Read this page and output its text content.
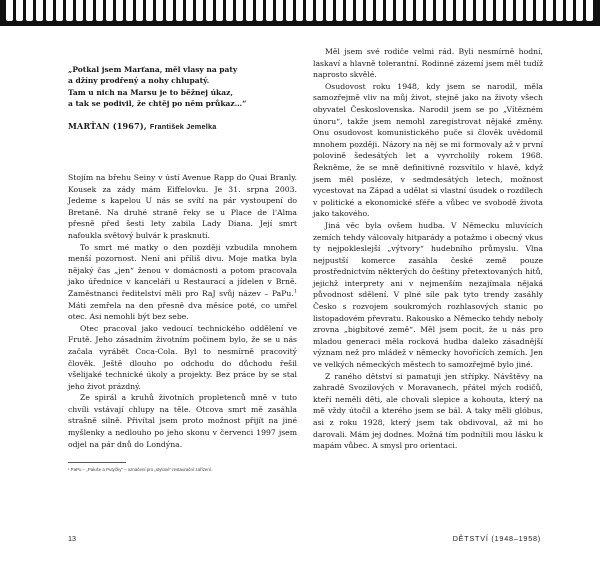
„Potkal jsem Marťana, měl vlasy na paty

a džíny prodřený a nohy chlupatý.

Tam u nich na Marsu je to běžnej úkaz,

a tak se podivil, že chtěj po něm průkaz…“

MARŤAN (1967), František Jemelka

Stojím na břehu Seiny v ústí Avenue Rapp do Quai Branly. Kousek za zády mám Eiffelovku. Je 31. srpna 2003. Jedeme s kapelou U nás se svítí na pár vystoupení do Bretaně. Na druhé straně řeky se u Place de l'Alma přesně před šesti lety zabila Lady Diana. Její smrt nafoukla světový bulvár k prasknutí.

To smrt mé matky o den později vzbudila mnohem menší pozornost. Není ani příliš divu. Moje matka byla nějaký čas „jen“ ženou v domácnosti a potom pracovala jako úřednice v kanceláři u Restaurací a jídelen v Brně. Zaměstnanci ředitelství měli pro RaJ svůj název – PaPu.$^1$ Máti zemřela na den přesně dva měsíce poté, co umřel otec. Asi nemohli být bez sebe.

Otec pracoval jako vedoucí technického oddělení ve Frutě. Jeho zásadním životním počinem bylo, že se u nás začala vyrábět Coca-Cola. Byl to nesmírně pracovitý člověk. Ještě dlouho po odchodu do důchodu řešil všelijaké technické úkoly a projekty. Bez práce by se stal jeho život prázdný.

Ze spirál a kruhů životních propletenců mně v tuto chvíli vstávají chlupy na těle. Otcova smrt mě zasáhla strašně silně. Přivítal jsem proto možnost přijít na jiné myšlenky a nedlouho po jeho skonu v červenci 1997 jsem odjel na pár dnů do Londýna.

¹ PaPu – „Paluše a Putyčky“ – označení pro „stylové“ restaurační zařízení.

Měl jsem své rodiče velmi rád. Byli nesmírně hodní, laskaví a hlavně tolerantní. Rodinné zázemí jsem měl tudíž naprosto skvělé.

Osudovost roku 1948, kdy jsem se narodil, měla samozřejmě vliv na můj život, stejně jako na životy všech obyvatel Československa. Narodil jsem se po „Vítězném únoru“, takže jsem nemohl zaregistrovat nějaké změny. Onu osudovost komunistického puče si člověk uvědomil mnohem později. Názory na něj se mi formovaly až v první polovině šedesátých let a vyvrcholily rokem 1968. Řekněme, že se mně definitivně rozsvítilo v hlavě, když jsem měl posléze, v sedmdesátých letech, možnost vycestovat na Západ a udělat si vlastní úsudek o rozdílech v politické a ekonomické sféře a vůbec ve svobodě života jako takového.

Jiná věc byla ovšem hudba. V Německu mluvících zemích tehdy válcovaly hitparády a potažmo i obecný vkus ty nejpokleslejší „výtvory“ hudebního průmyslu. Vlna nejpustší komerce zasáhla české země pouze prostřednictvím některých do češtiny přetextovaných hitů, jejichž interprety ani v nejmenším nezajímala nějaká původnost sdělení. V plné síle pak tyto trendy zasáhly Česko s rozvojem soukromých rozhlasových stanic po listopadovém převratu. Rakousko a Německo tehdy neboly zrovna „bigbítové země“. Měl jsem pocit, že u nás pro mladou generaci měla rocková hudba daleko zásadnější význam než pro mládež v německy hovořících zemích. Jen ve velkých německých městech to samozřejmě bylo jiné.

Z raného dětství si pamatuji jen střípky. Návštěvy na zahradě Svozilových v Moravanech, přátel mých rodičů, kteří neměli děti, ale chovali slepice a kohouta, který na mě vždy útočil a kterého jsem se bál. A taky měli glóbus, asi z roku 1928, který jsem tak obdivoval, až mi ho darovali. Mám jej dodnes. Možná tím podnítili mou lásku k mapám vůbec. A smysl pro orientaci.

13	DĚTSTVÍ (1948–1958)
